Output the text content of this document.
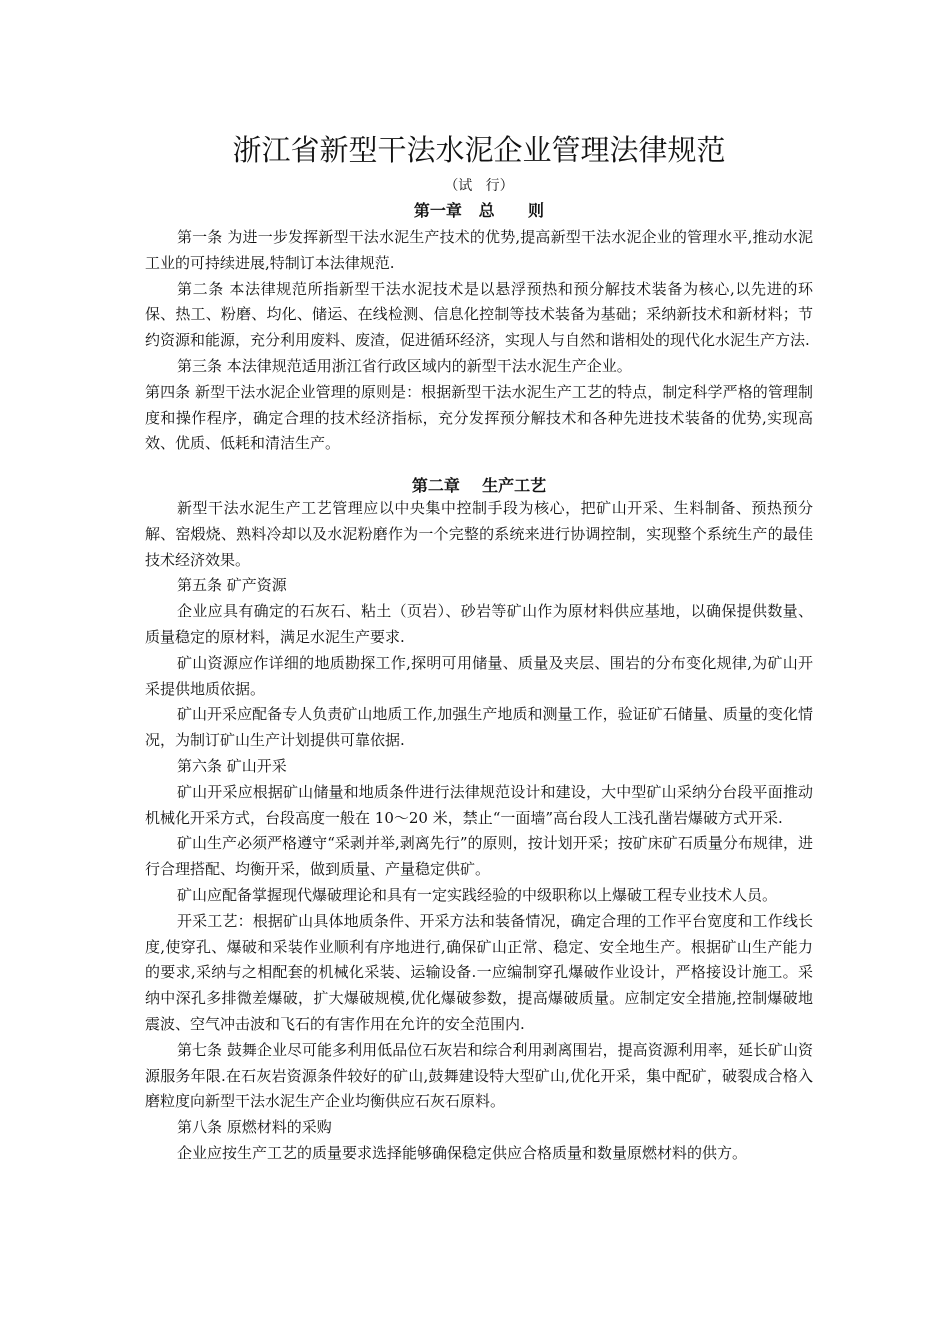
浙江省新型干法水泥企业管理法律规范
（试   行）
第一章   总      则

第一条 为进一步发挥新型干法水泥生产技术的优势,提高新型干法水泥企业的管理水平,推动水泥工业的可持续进展,特制订本法律规范.

第二条 本法律规范所指新型干法水泥技术是以悬浮预热和预分解技术装备为核心,以先进的环保、热工、粉磨、均化、储运、在线检测、信息化控制等技术装备为基础；采纳新技术和新材料；节约资源和能源，充分利用废料、废渣，促进循环经济，实现人与自然和谐相处的现代化水泥生产方法.

第三条 本法律规范适用浙江省行政区域内的新型干法水泥生产企业。

第四条 新型干法水泥企业管理的原则是：根据新型干法水泥生产工艺的特点，制定科学严格的管理制度和操作程序，确定合理的技术经济指标，充分发挥预分解技术和各种先进技术装备的优势,实现高效、优质、低耗和清洁生产。

第二章    生产工艺

新型干法水泥生产工艺管理应以中央集中控制手段为核心，把矿山开采、生料制备、预热预分解、窑煅烧、熟料冷却以及水泥粉磨作为一个完整的系统来进行协调控制，实现整个系统生产的最佳技术经济效果。

第五条 矿产资源

企业应具有确定的石灰石、粘土（页岩）、砂岩等矿山作为原材料供应基地，以确保提供数量、质量稳定的原材料，满足水泥生产要求.

矿山资源应作详细的地质勘探工作,探明可用储量、质量及夹层、围岩的分布变化规律,为矿山开采提供地质依据。

矿山开采应配备专人负责矿山地质工作,加强生产地质和测量工作，验证矿石储量、质量的变化情况，为制订矿山生产计划提供可靠依据.

第六条 矿山开采

矿山开采应根据矿山储量和地质条件进行法律规范设计和建设，大中型矿山采纳分台段平面推动机械化开采方式，台段高度一般在 10～20 米，禁止“一面墙”高台段人工浅孔凿岩爆破方式开采.

矿山生产必须严格遵守“采剥并举,剥离先行”的原则，按计划开采；按矿床矿石质量分布规律，进行合理搭配、均衡开采，做到质量、产量稳定供矿。

矿山应配备掌握现代爆破理论和具有一定实践经验的中级职称以上爆破工程专业技术人员。

开采工艺：根据矿山具体地质条件、开采方法和装备情况，确定合理的工作平台宽度和工作线长度,使穿孔、爆破和采装作业顺利有序地进行,确保矿山正常、稳定、安全地生产。根据矿山生产能力的要求,采纳与之相配套的机械化采装、运输设备.一应编制穿孔爆破作业设计，严格接设计施工。采纳中深孔多排微差爆破，扩大爆破规模,优化爆破参数，提高爆破质量。应制定安全措施,控制爆破地震波、空气冲击波和飞石的有害作用在允许的安全范围内.

第七条 鼓舞企业尽可能多利用低品位石灰岩和综合利用剥离围岩，提高资源利用率，延长矿山资源服务年限.在石灰岩资源条件较好的矿山,鼓舞建设特大型矿山,优化开采，集中配矿，破裂成合格入磨粒度向新型干法水泥生产企业均衡供应石灰石原料。

第八条 原燃材料的采购

企业应按生产工艺的质量要求选择能够确保稳定供应合格质量和数量原燃材料的供方。
